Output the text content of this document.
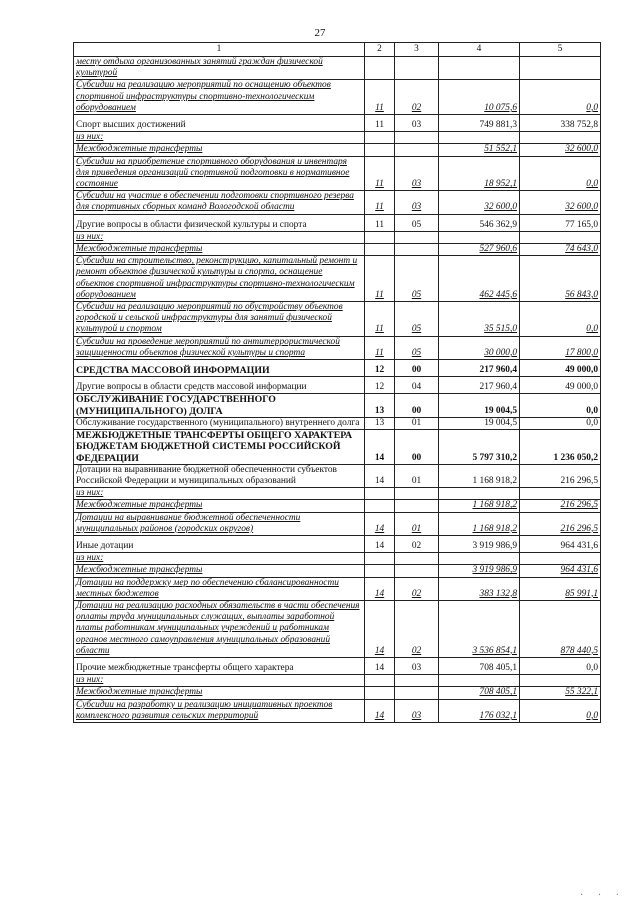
27
1	2	3	4	5
месту отдыха организованных занятий граждан физической культурой				
Субсидии на реализацию мероприятий по оснащению объектов спортивной инфраструктуры спортивно-технологическим оборудованием	11	02	10 075,6	0,0
Спорт высших достижений	11	03	749 881,3	338 752,8
из них:				
Межбюджетные трансферты			51 552,1	32 600,0
Субсидии на приобретение спортивного оборудования и инвентаря для приведения организаций спортивной подготовки в нормативное состояние	11	03	18 952,1	0,0
Субсидии на участие в обеспечении подготовки спортивного резерва для спортивных сборных команд Вологодской области	11	03	32 600,0	32 600,0
Другие вопросы в области физической культуры и спорта	11	05	546 362,9	77 165,0
из них:				
Межбюджетные трансферты			527 960,6	74 643,0
Субсидии на строительство, реконструкцию, капитальный ремонт и ремонт объектов физической культуры и спорта, оснащение объектов спортивной инфраструктуры спортивно-технологическим оборудованием	11	05	462 445,6	56 843,0
Субсидии на реализацию мероприятий по обустройству объектов городской и сельской инфраструктуры для занятий физической культурой и спортом	11	05	35 515,0	0,0
Субсидии на проведение мероприятий по антитеррористической защищенности объектов физической культуры и спорта	11	05	30 000,0	17 800,0
СРЕДСТВА МАССОВОЙ ИНФОРМАЦИИ	12	00	217 960,4	49 000,0
Другие вопросы в области средств массовой информации	12	04	217 960,4	49 000,0
ОБСЛУЖИВАНИЕ ГОСУДАРСТВЕННОГО (МУНИЦИПАЛЬНОГО) ДОЛГА	13	00	19 004,5	0,0
Обслуживание государственного (муниципального) внутреннего долга	13	01	19 004,5	0,0
МЕЖБЮДЖЕТНЫЕ ТРАНСФЕРТЫ ОБЩЕГО ХАРАКТЕРА БЮДЖЕТАМ БЮДЖЕТНОЙ СИСТЕМЫ РОССИЙСКОЙ ФЕДЕРАЦИИ	14	00	5 797 310,2	1 236 050,2
Дотации на выравнивание бюджетной обеспеченности субъектов Российской Федерации и муниципальных образований	14	01	1 168 918,2	216 296,5
из них:				
Межбюджетные трансферты			1 168 918,2	216 296,5
Дотации на выравнивание бюджетной обеспеченности муниципальных районов (городских округов)	14	01	1 168 918,2	216 296,5
Иные дотации	14	02	3 919 986,9	964 431,6
из них:				
Межбюджетные трансферты			3 919 986,9	964 431,6
Дотации на поддержку мер по обеспечению сбалансированности местных бюджетов	14	02	383 132,8	85 991,1
Дотации на реализацию расходных обязательств в части обеспечения оплаты труда муниципальных служащих, выплаты заработной платы работникам муниципальных учреждений и работникам органов местного самоуправления муниципальных образований области	14	02	3 536 854,1	878 440,5
Прочие межбюджетные трансферты общего характера	14	03	708 405,1	0,0
из них:				
Межбюджетные трансферты			708 405,1	55 322,1
Субсидии на разработку и реализацию инициативных проектов комплексного развития сельских территорий	14	03	176 032,1	0,0
· · ·
